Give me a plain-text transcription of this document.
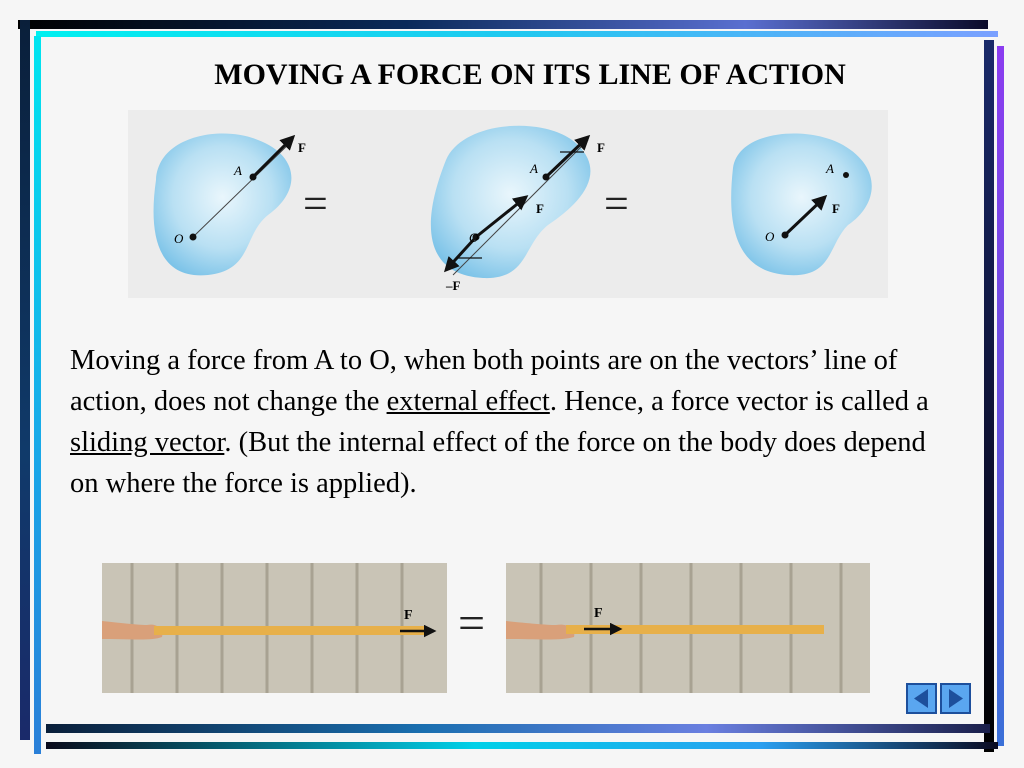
MOVING A FORCE ON ITS LINE OF ACTION
A
O
F
=
A
O
F
F
–F
=
A
O
F
Moving a force from A to O, when both points are on the vectors’ line of action, does not change the external effect. Hence, a force vector is called a sliding vector. (But the internal effect of the force on the body does depend on where the force is applied).
F =	F
